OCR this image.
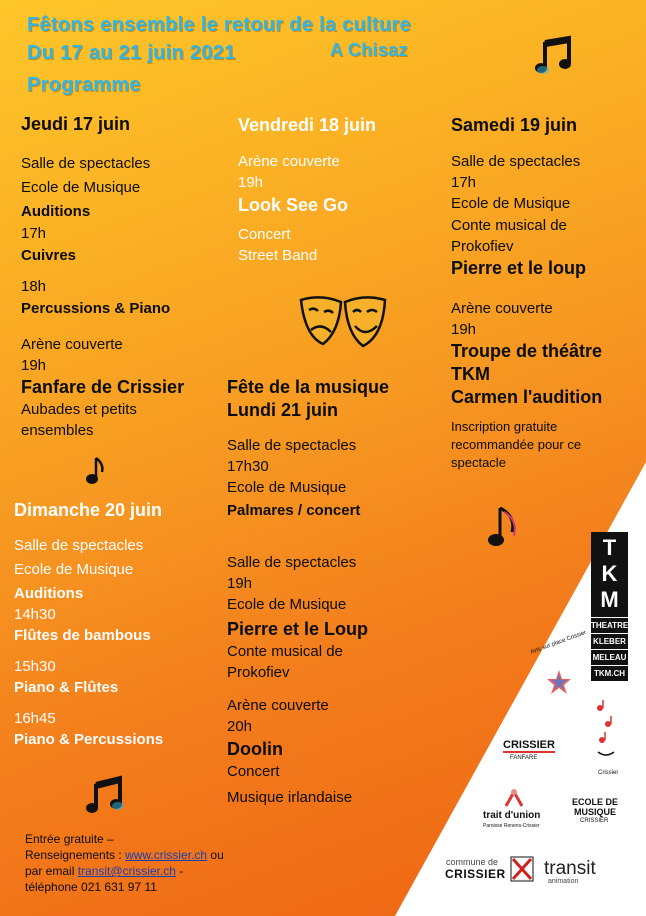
Fêtons ensemble le retour de la culture
Du 17 au 21 juin 2021	A Chisaz
Programme
Jeudi 17 juin
Salle de spectacles
Ecole de Musique
Auditions
17h
Cuivres
18h
Percussions & Piano
Arène couverte
19h
Fanfare de Crissier
Aubades et petits ensembles
Vendredi 18 juin
Arène couverte
19h
Look See Go
Concert
Street Band
Samedi 19 juin
Salle de spectacles
17h
Ecole de Musique
Conte musical de Prokofiev
Pierre et le loup
Arène couverte
19h
Troupe de théâtre
TKM
Carmen l'audition
Inscription gratuite recommandée pour ce spectacle
Fête de la musique
Lundi 21 juin
Salle de spectacles
17h30
Ecole de Musique
Palmares / concert
Salle de spectacles
19h
Ecole de Musique
Pierre et le Loup
Conte musical de Prokofiev
Arène couverte
20h
Doolin
Concert
Musique irlandaise
Dimanche 20 juin
Salle de spectacles
Ecole de Musique
Auditions
14h30
Flûtes de bambous
15h30
Piano & Flûtes
16h45
Piano & Percussions
Entrée gratuite –
Renseignements : www.crissier.ch ou
par email transit@crissier.ch -
téléphone 021 631 97 11
T
K
M
THEATRE
KLEBER
MELEAU
TKM.CH
Arts sur place Crissier
Crissier
CRISSIER
FANFARE
ECOLE DE MUSIQUE
CRISSIER
trait d'union
Paroisse Renens-Crissier
commune de
CRISSIER transit
animation
